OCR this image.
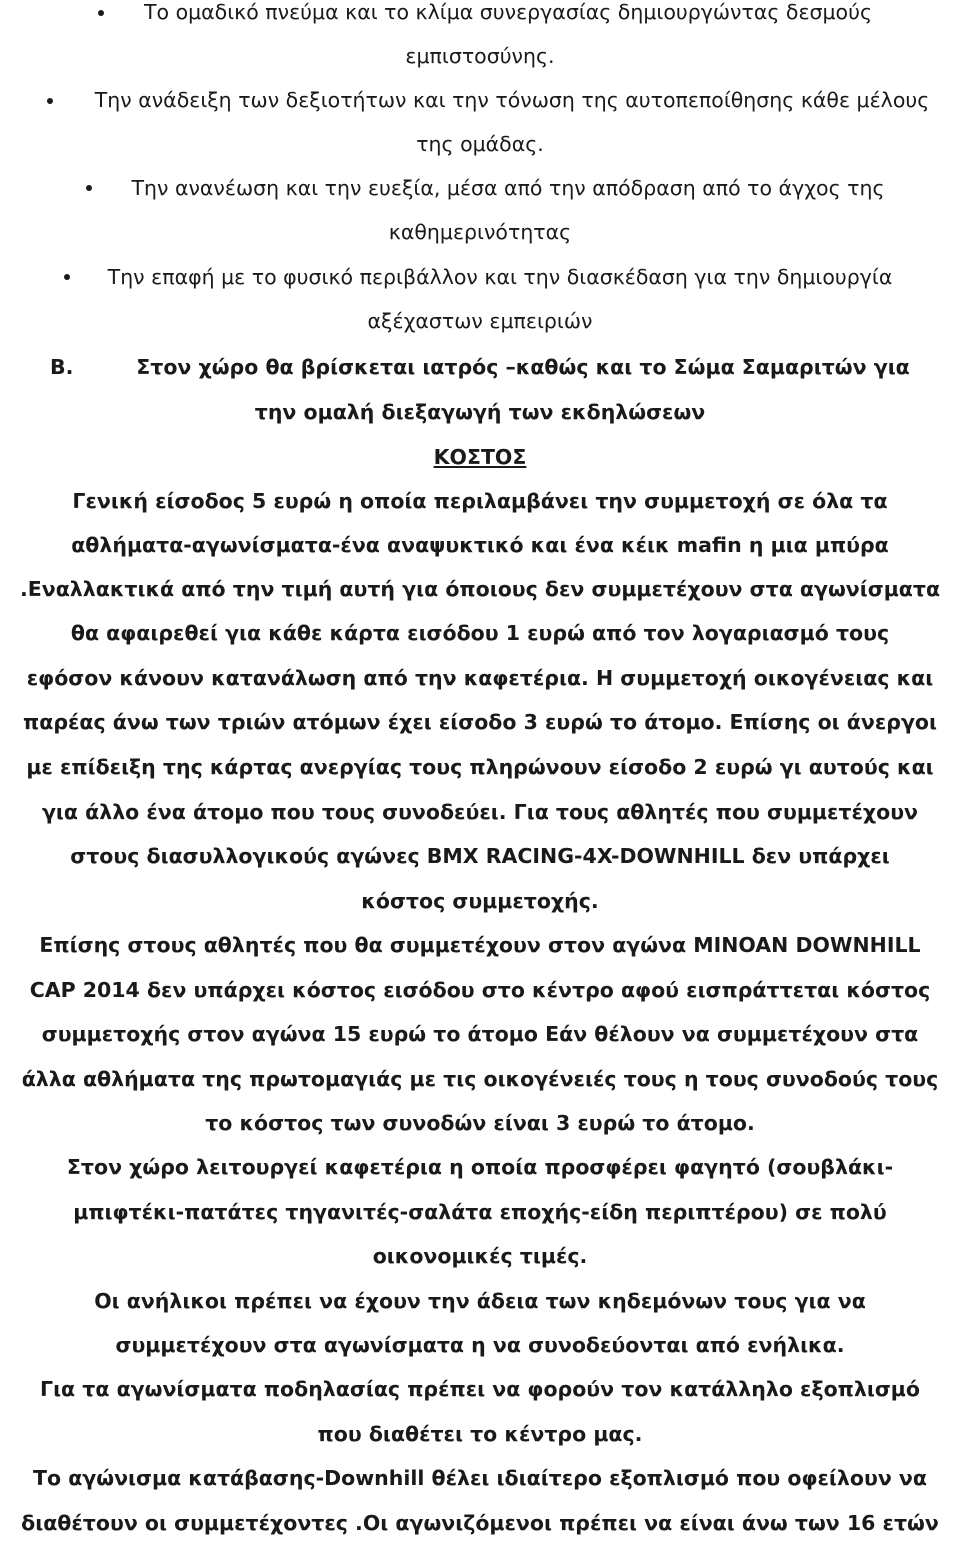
Το ομαδικό πνεύμα και το κλίμα συνεργασίας δημιουργώντας δεσμούς
εμπιστοσύνης.
Την ανάδειξη των δεξιοτήτων και την τόνωση της αυτοπεποίθησης κάθε μέλους
της ομάδας.
Την ανανέωση και την ευεξία, μέσα από την απόδραση από το άγχος της
καθημερινότητας
Την επαφή με το φυσικό περιβάλλον και την διασκέδαση για την δημιουργία
αξέχαστων εμπειριών
Β.	Στον χώρο θα βρίσκεται ιατρός –καθώς και το Σώμα Σαμαριτών για
την ομαλή διεξαγωγή των εκδηλώσεων
ΚΟΣΤΟΣ
Γενική είσοδος 5 ευρώ η οποία περιλαμβάνει την συμμετοχή σε όλα τα
αθλήματα-αγωνίσματα-ένα αναψυκτικό και ένα κέικ mafin η μια μπύρα
.Εναλλακτικά από την τιμή αυτή για όποιους δεν συμμετέχουν στα αγωνίσματα
θα αφαιρεθεί για κάθε κάρτα εισόδου 1 ευρώ από τον λογαριασμό τους
εφόσον κάνουν κατανάλωση από την καφετέρια. Η συμμετοχή οικογένειας και
παρέας άνω των τριών ατόμων έχει είσοδο 3 ευρώ το άτομο. Επίσης οι άνεργοι
με επίδειξη της κάρτας ανεργίας τους πληρώνουν είσοδο 2 ευρώ γι αυτούς και
για άλλο ένα άτομο που τους συνοδεύει. Για τους αθλητές που συμμετέχουν
στους διασυλλογικούς αγώνες BMX RACING-4X-DOWNHILL δεν υπάρχει
κόστος συμμετοχής.
Επίσης στους αθλητές που θα συμμετέχουν στον αγώνα MINOAN DOWNHILL
CAP 2014 δεν υπάρχει κόστος εισόδου στο κέντρο αφού εισπράττεται κόστος
συμμετοχής στον αγώνα 15 ευρώ το άτομο Εάν θέλουν να συμμετέχουν στα
άλλα αθλήματα της πρωτομαγιάς με τις οικογένειές τους η τους συνοδούς τους
το κόστος των συνοδών είναι 3 ευρώ το άτομο.
Στον χώρο λειτουργεί καφετέρια η οποία προσφέρει φαγητό (σουβλάκι-
μπιφτέκι-πατάτες τηγανιτές-σαλάτα εποχής-είδη περιπτέρου) σε πολύ
οικονομικές τιμές.
Οι ανήλικοι πρέπει να έχουν την άδεια των κηδεμόνων τους για να
συμμετέχουν στα αγωνίσματα η να συνοδεύονται από ενήλικα.
Για τα αγωνίσματα ποδηλασίας πρέπει να φορούν τον κατάλληλο εξοπλισμό
που διαθέτει το κέντρο μας.
Το αγώνισμα κατάβασης-Downhill θέλει ιδιαίτερο εξοπλισμό που οφείλουν να
διαθέτουν οι συμμετέχοντες .Οι αγωνιζόμενοι πρέπει να είναι άνω των 16 ετών
